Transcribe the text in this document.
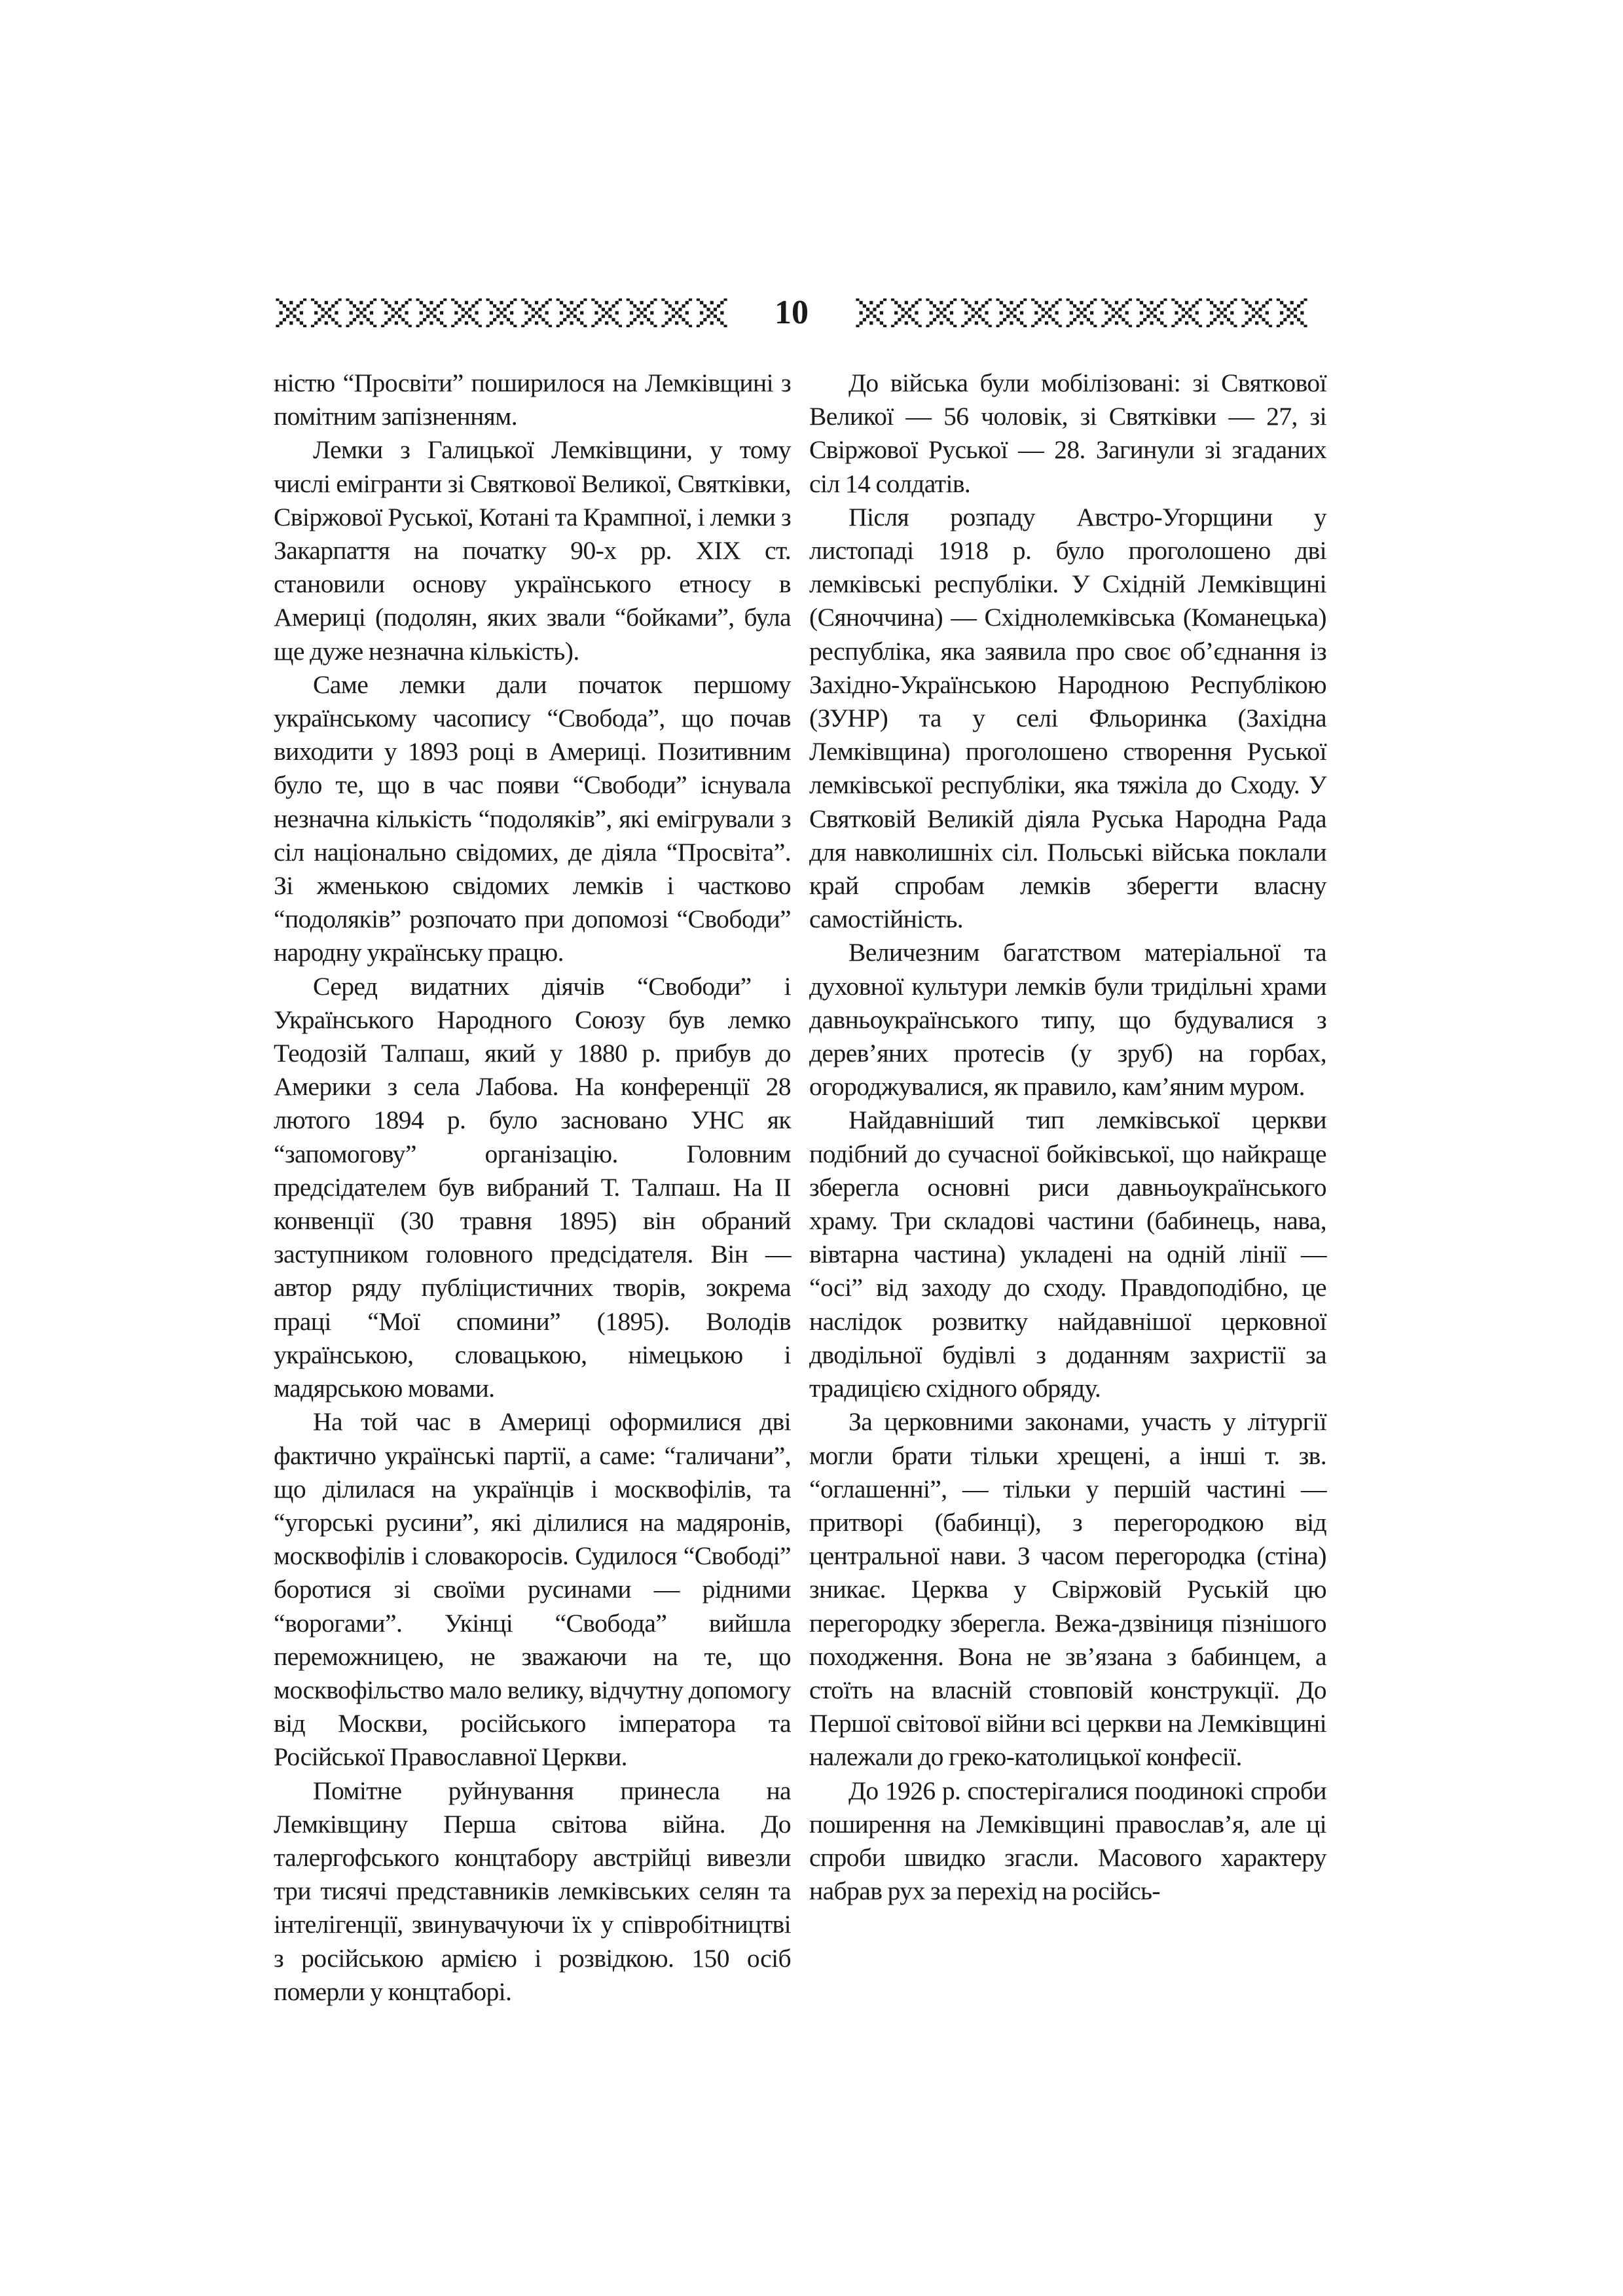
10

ністю “Просвіти” поширилося на Лемківщині з помітним запізненням.

Лемки з Галицької Лемківщини, у тому числі емігранти зі Святкової Великої, Святківки, Свіржової Руської, Котані та Крампної, і лемки з Закарпаття на початку 90-х рр. XIX ст. становили основу українського етносу в Америці (подолян, яких звали “бойками”, була ще дуже незначна кількість).

Саме лемки дали початок першому українському часопису “Свобода”, що почав виходити у 1893 році в Америці. Позитивним було те, що в час появи “Свободи” існувала незначна кількість “подоляків”, які емігрували з сіл національно свідомих, де діяла “Просвіта”. Зі жменькою свідомих лемків і частково “подоляків” розпочато при допомозі “Свободи” народну українську працю.

Серед видатних діячів “Свободи” і Українського Народного Союзу був лемко Теодозій Талпаш, який у 1880 р. прибув до Америки з села Лабова. На конференції 28 лютого 1894 р. було засновано УНС як “запомогову” організацію. Головним предсідателем був вибраний Т. Талпаш. На II конвенції (30 травня 1895) він обраний заступником головного предсідателя. Він — автор ряду публіцистичних творів, зокрема праці “Мої спомини” (1895). Володів українською, словацькою, німецькою і мадярською мовами.

На той час в Америці оформилися дві фактично українські партії, а саме: “галичани”, що ділилася на українців і москвофілів, та “угорські русини”, які ділилися на мадяронів, москвофілів і словакоросів. Судилося “Свободі” боротися зі своїми русинами — рідними “ворогами”. Укінці “Свобода” вийшла переможницею, не зважаючи на те, що москвофільство мало велику, відчутну допомогу від Москви, російського імператора та Російської Православної Церкви.

Помітне руйнування принесла на Лемківщину Перша світова війна. До талергофського концтабору австрійці вивезли три тисячі представників лемківських селян та інтелігенції, звинувачуючи їх у співробітництві з російською армією і розвідкою. 150 осіб померли у концтаборі.

До війська були мобілізовані: зі Святкової Великої — 56 чоловік, зі Святківки — 27, зі Свіржової Руської — 28. Загинули зі згаданих сіл 14 солдатів.

Після розпаду Австро-Угорщини у листопаді 1918 р. було проголошено дві лемківські республіки. У Східній Лемківщині (Сяноччина) — Східнолемківська (Команецька) республіка, яка заявила про своє об’єднання із Західно-Українською Народною Республікою (ЗУНР) та у селі Фльоринка (Західна Лемківщина) проголошено створення Руської лемківської республіки, яка тяжіла до Сходу. У Святковій Великій діяла Руська Народна Рада для навколишніх сіл. Польські війська поклали край спробам лемків зберегти власну самостійність.

Величезним багатством матеріальної та духовної культури лемків були тридільні храми давньоукраїнського типу, що будувалися з дерев’яних протесів (у зруб) на горбах, огороджувалися, як правило, кам’яним муром.

Найдавніший тип лемківської церкви подібний до сучасної бойківської, що найкраще зберегла основні риси давньоукраїнського храму. Три складові частини (бабинець, нава, вівтарна частина) укладені на одній лінії — “осі” від заходу до сходу. Правдоподібно, це наслідок розвитку найдавнішої церковної дводільної будівлі з доданням захристії за традицією східного обряду.

За церковними законами, участь у літургії могли брати тільки хрещені, а інші т. зв. “оглашенні”, — тільки у першій частині — притворі (бабинці), з перегородкою від центральної нави. З часом перегородка (стіна) зникає. Церква у Свіржовій Руській цю перегородку зберегла. Вежа-дзвіниця пізнішого походження. Вона не зв’язана з бабинцем, а стоїть на власній стовповій конструкції. До Першої світової війни всі церкви на Лемківщині належали до греко-католицької конфесії.

До 1926 р. спостерігалися поодинокі спроби поширення на Лемківщині православ’я, але ці спроби швидко згасли. Масового характеру набрав рух за перехід на російсь-
